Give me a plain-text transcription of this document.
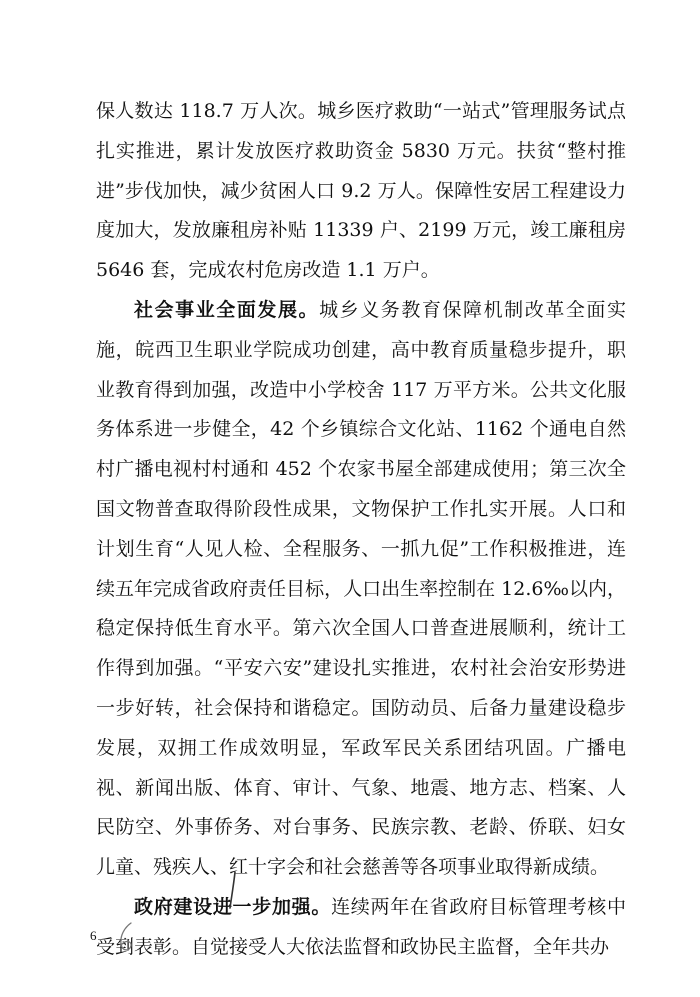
保人数达 118.7 万人次。城乡医疗救助“一站式”管理服务试点扎实推进，累计发放医疗救助资金 5830 万元。扶贫“整村推进”步伐加快，减少贫困人口 9.2 万人。保障性安居工程建设力度加大，发放廉租房补贴 11339 户、2199 万元，竣工廉租房 5646 套，完成农村危房改造 1.1 万户。

社会事业全面发展。城乡义务教育保障机制改革全面实施，皖西卫生职业学院成功创建，高中教育质量稳步提升，职业教育得到加强，改造中小学校舍 117 万平方米。公共文化服务体系进一步健全，42 个乡镇综合文化站、1162 个通电自然村广播电视村村通和 452 个农家书屋全部建成使用；第三次全国文物普查取得阶段性成果，文物保护工作扎实开展。人口和计划生育“人见人检、全程服务、一抓九促”工作积极推进，连续五年完成省政府责任目标，人口出生率控制在 12.6‰以内，稳定保持低生育水平。第六次全国人口普查进展顺利，统计工作得到加强。“平安六安”建设扎实推进，农村社会治安形势进一步好转，社会保持和谐稳定。国防动员、后备力量建设稳步发展，双拥工作成效明显，军政军民关系团结巩固。广播电视、新闻出版、体育、审计、气象、地震、地方志、档案、人民防空、外事侨务、对台事务、民族宗教、老龄、侨联、妇女儿童、残疾人、红十字会和社会慈善等各项事业取得新成绩。

政府建设进一步加强。连续两年在省政府目标管理考核中受到表彰。自觉接受人大依法监督和政协民主监督，全年共办

6
